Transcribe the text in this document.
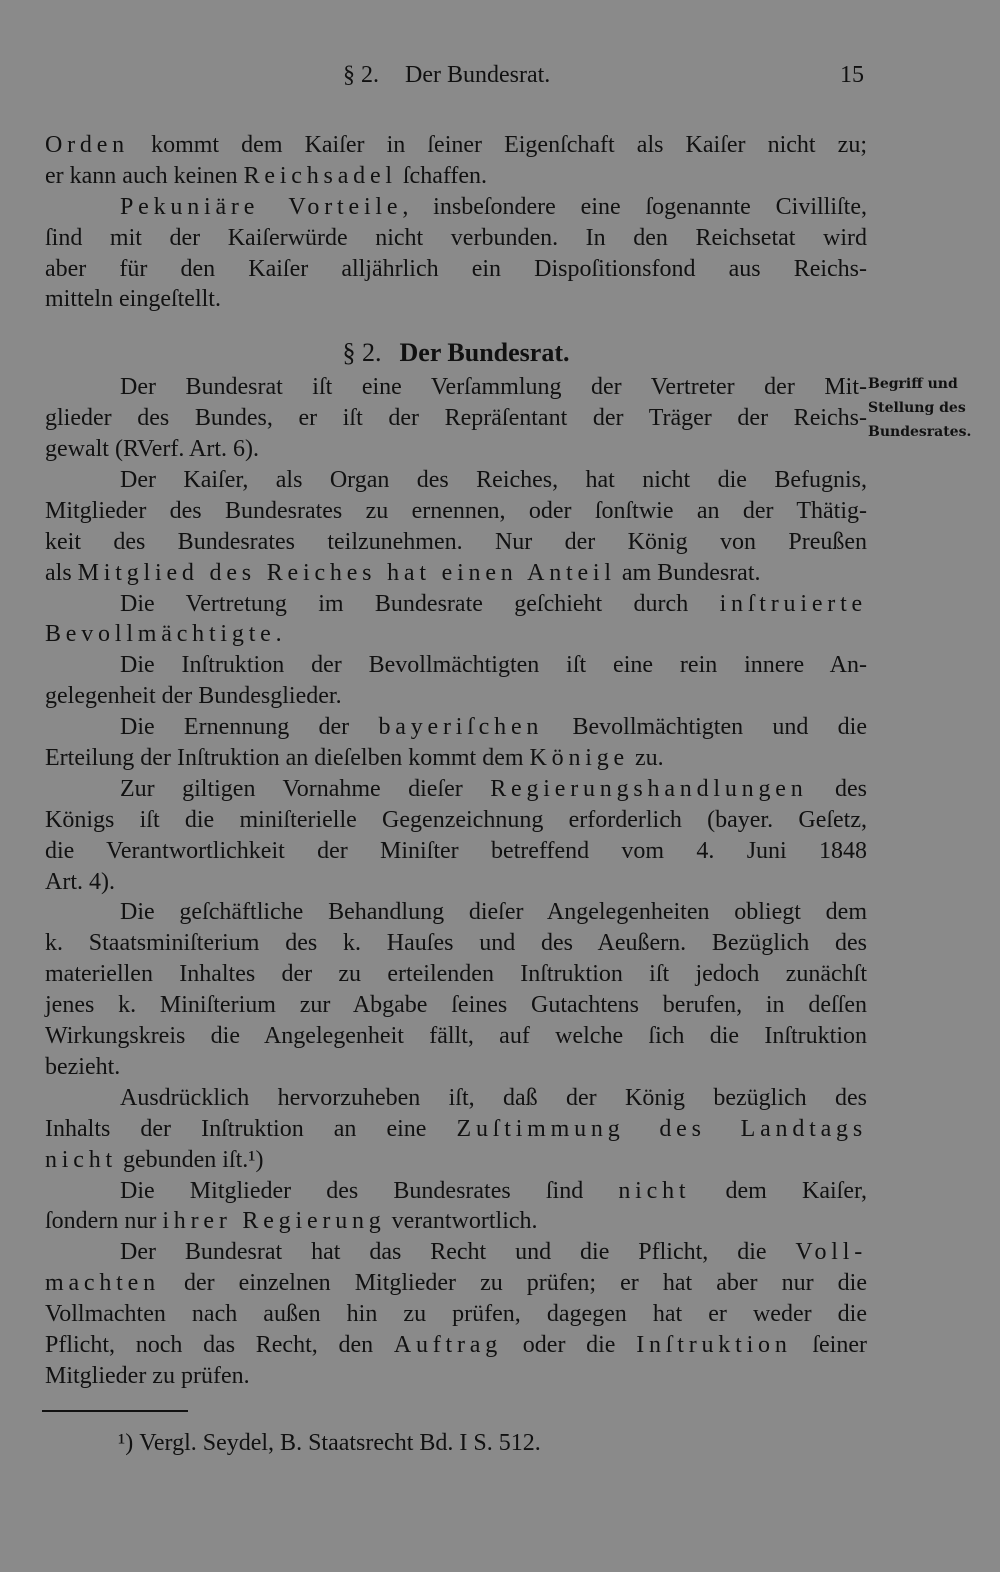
§ 2. Der Bundesrat.	15
Orden kommt dem Kaiſer in ſeiner Eigenſchaft als Kaiſer nicht zu;
er kann auch keinen Reichsadel ſchaffen.
Pekuniäre Vorteile, insbeſondere eine ſogenannte Civilliſte,
ſind mit der Kaiſerwürde nicht verbunden. In den Reichsetat wird
aber für den Kaiſer alljährlich ein Dispoſitionsfond aus Reichs-
mitteln eingeſtellt.
§ 2. Der Bundesrat.
Der Bundesrat iſt eine Verſammlung der Vertreter der Mit-
glieder des Bundes, er iſt der Repräſentant der Träger der Reichs-
gewalt (RVerf. Art. 6).
Der Kaiſer, als Organ des Reiches, hat nicht die Befugnis,
Mitglieder des Bundesrates zu ernennen, oder ſonſtwie an der Thätig-
keit des Bundesrates teilzunehmen. Nur der König von Preußen
als Mitglied des Reiches hat einen Anteil am Bundesrat.
Die Vertretung im Bundesrate geſchieht durch inſtruierte
Bevollmächtigte.
Die Inſtruktion der Bevollmächtigten iſt eine rein innere An-
gelegenheit der Bundesglieder.
Die Ernennung der bayeriſchen Bevollmächtigten und die
Erteilung der Inſtruktion an dieſelben kommt dem Könige zu.
Zur giltigen Vornahme dieſer Regierungshandlungen des
Königs iſt die miniſterielle Gegenzeichnung erforderlich (bayer. Geſetz,
die Verantwortlichkeit der Miniſter betreffend vom 4. Juni 1848
Art. 4).
Die geſchäftliche Behandlung dieſer Angelegenheiten obliegt dem
k. Staatsminiſterium des k. Hauſes und des Aeußern. Bezüglich des
materiellen Inhaltes der zu erteilenden Inſtruktion iſt jedoch zunächſt
jenes k. Miniſterium zur Abgabe ſeines Gutachtens berufen, in deſſen
Wirkungskreis die Angelegenheit fällt, auf welche ſich die Inſtruktion
bezieht.
Ausdrücklich hervorzuheben iſt, daß der König bezüglich des
Inhalts der Inſtruktion an eine Zuſtimmung des Landtags
nicht gebunden iſt.¹)
Die Mitglieder des Bundesrates ſind nicht dem Kaiſer,
ſondern nur ihrer Regierung verantwortlich.
Der Bundesrat hat das Recht und die Pflicht, die Voll-
machten der einzelnen Mitglieder zu prüfen; er hat aber nur die
Vollmachten nach außen hin zu prüfen, dagegen hat er weder die
Pflicht, noch das Recht, den Auftrag oder die Inſtruktion ſeiner
Mitglieder zu prüfen.
Begriff und
Stellung des
Bundesrates.
¹) Vergl. Seydel, B. Staatsrecht Bd. I S. 512.
